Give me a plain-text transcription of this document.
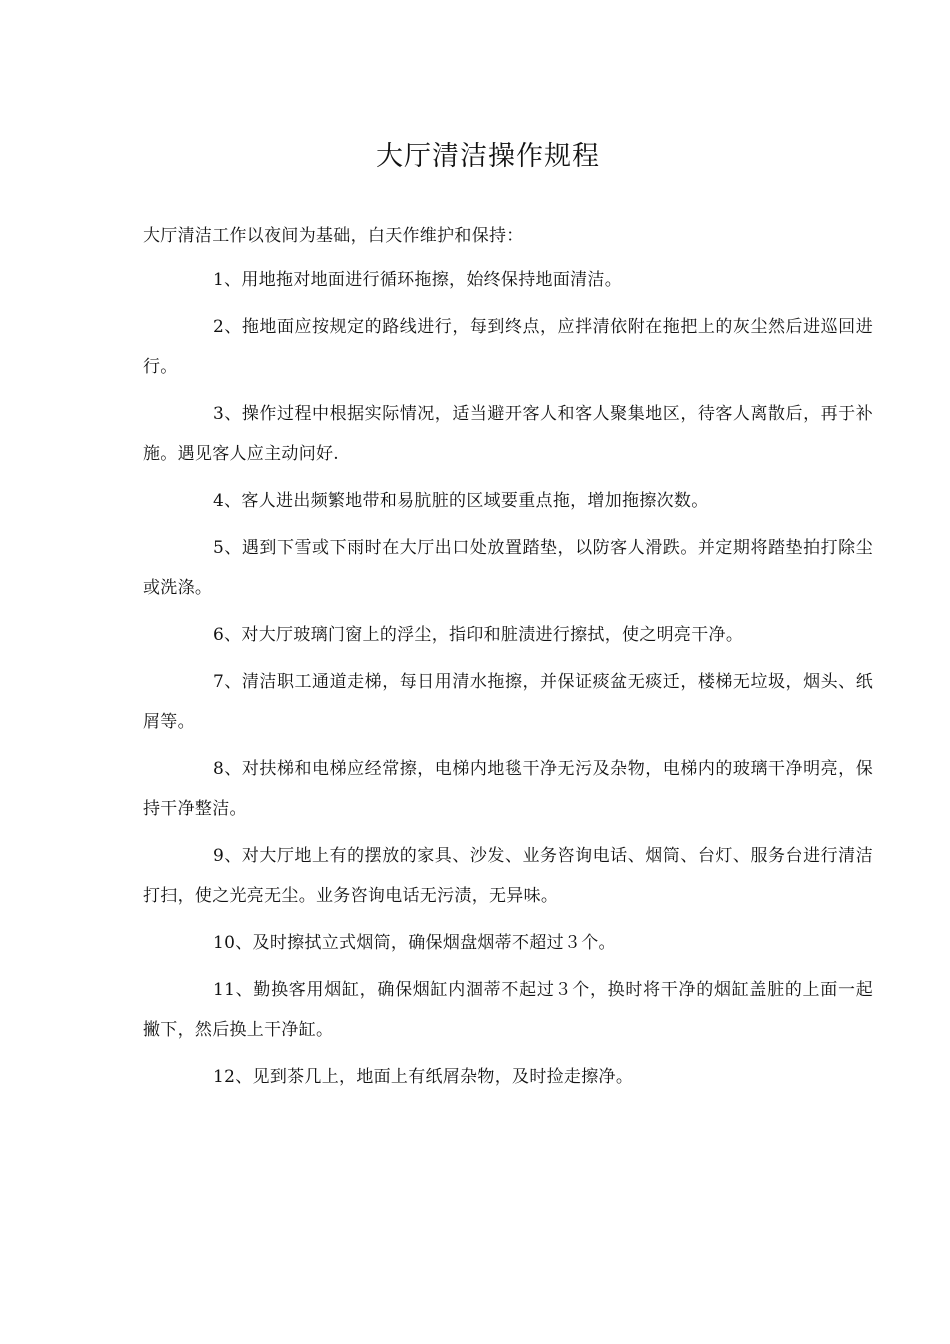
大厅清洁操作规程

大厅清洁工作以夜间为基础，白天作维护和保持：

1、用地拖对地面进行循环拖擦，始终保持地面清洁。

2、拖地面应按规定的路线进行，每到终点，应拌清依附在拖把上的灰尘然后进巡回进行。

3、操作过程中根据实际情况，适当避开客人和客人聚集地区，待客人离散后，再于补施。遇见客人应主动问好.

4、客人进出频繁地带和易肮脏的区域要重点拖，增加拖擦次数。

5、遇到下雪或下雨时在大厅出口处放置踏垫，以防客人滑跌。并定期将踏垫拍打除尘或洗涤。

6、对大厅玻璃门窗上的浮尘，指印和脏渍进行擦拭，使之明亮干净。

7、清洁职工通道走梯，每日用清水拖擦，并保证痰盆无痰迁，楼梯无垃圾，烟头、纸屑等。

8、对扶梯和电梯应经常擦，电梯内地毯干净无污及杂物，电梯内的玻璃干净明亮，保持干净整洁。

9、对大厅地上有的摆放的家具、沙发、业务咨询电话、烟筒、台灯、服务台进行清洁打扫，使之光亮无尘。业务咨询电话无污渍，无异味。

10、及时擦拭立式烟筒，确保烟盘烟蒂不超过３个。

11、勤换客用烟缸，确保烟缸内涸蒂不起过３个，换时将干净的烟缸盖脏的上面一起撇下，然后换上干净缸。

12、见到茶几上，地面上有纸屑杂物，及时捡走擦净。
